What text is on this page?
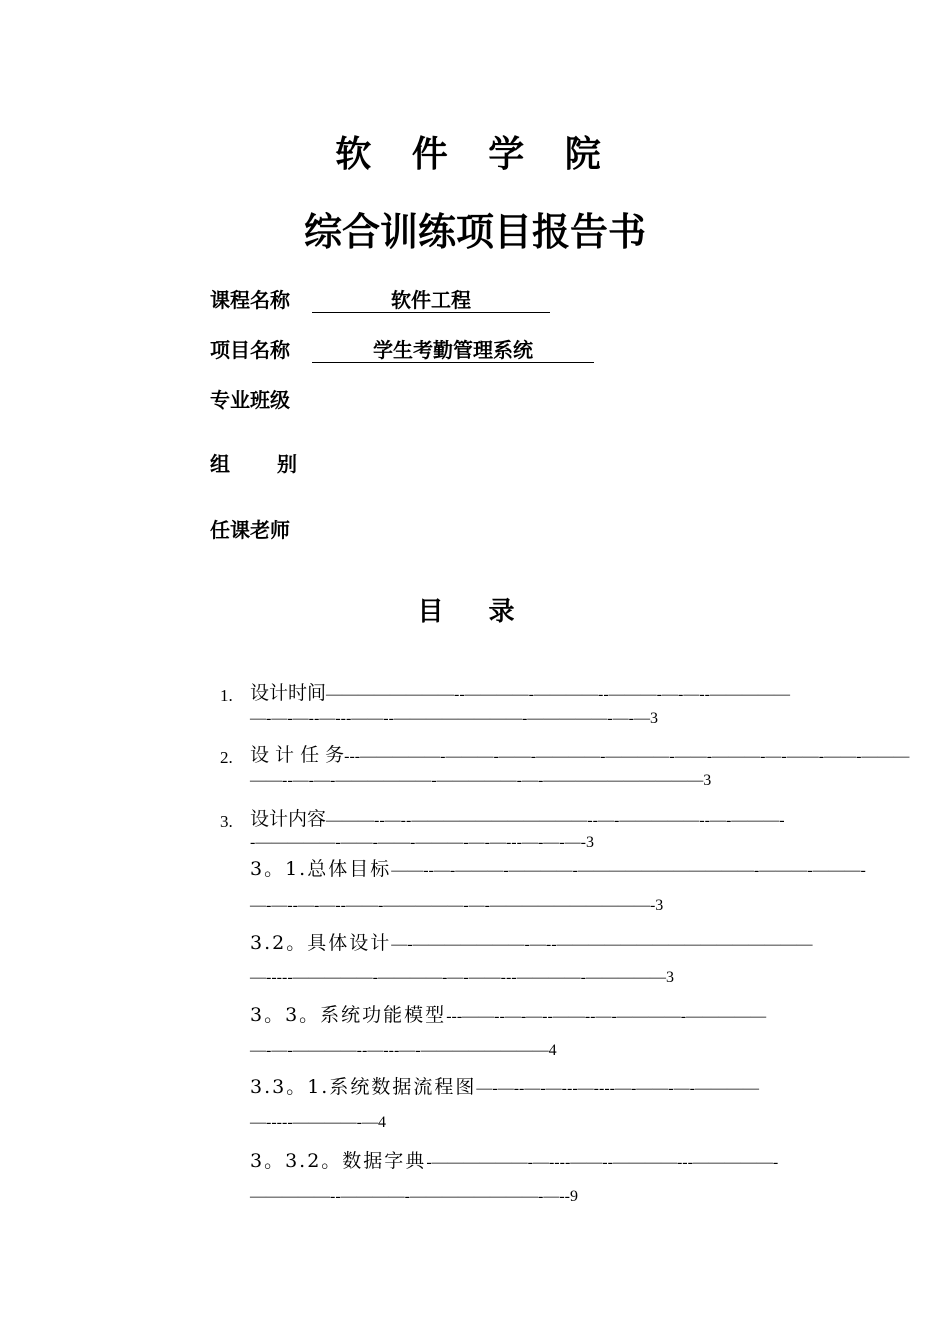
软 件 学 院
综合训练项目报告书
课程名称	软件工程
项目名称	学生考勤管理系统
专业班级
组 别
任课老师
目 录
1. 设计时间————————--————-————--———-—-—--—————
—-—-—--—---——--————————-—————-—-—3
2. 设 计 任 务---—————-———-——-————-————-——-———-—-——-——-———
——--—-—-——————-—————-—-——————————3
3. 设计内容———--—--———————————--—-—————--—-———-
-—————-——-——-———-—-—---—-—-—-3
3。1.总体目标——--—-———-————-———————————-———-———-
—-—--—-—--——-—————-—-——————————-3
3.2。具体设计—-———————-—--————————————————
—-----—————-————-—-——---————-—————3
3。3。系统功能模型---——--—-—--——--—-————-—————
—-—-————--—---—-————————4
3.3。1.系统数据流程图—-—--—-—---—----—-——-—-————
—-----————-—4
3。3.2。数据字典-——————-—----——--————---—————-
—————--————-————————-—--9
